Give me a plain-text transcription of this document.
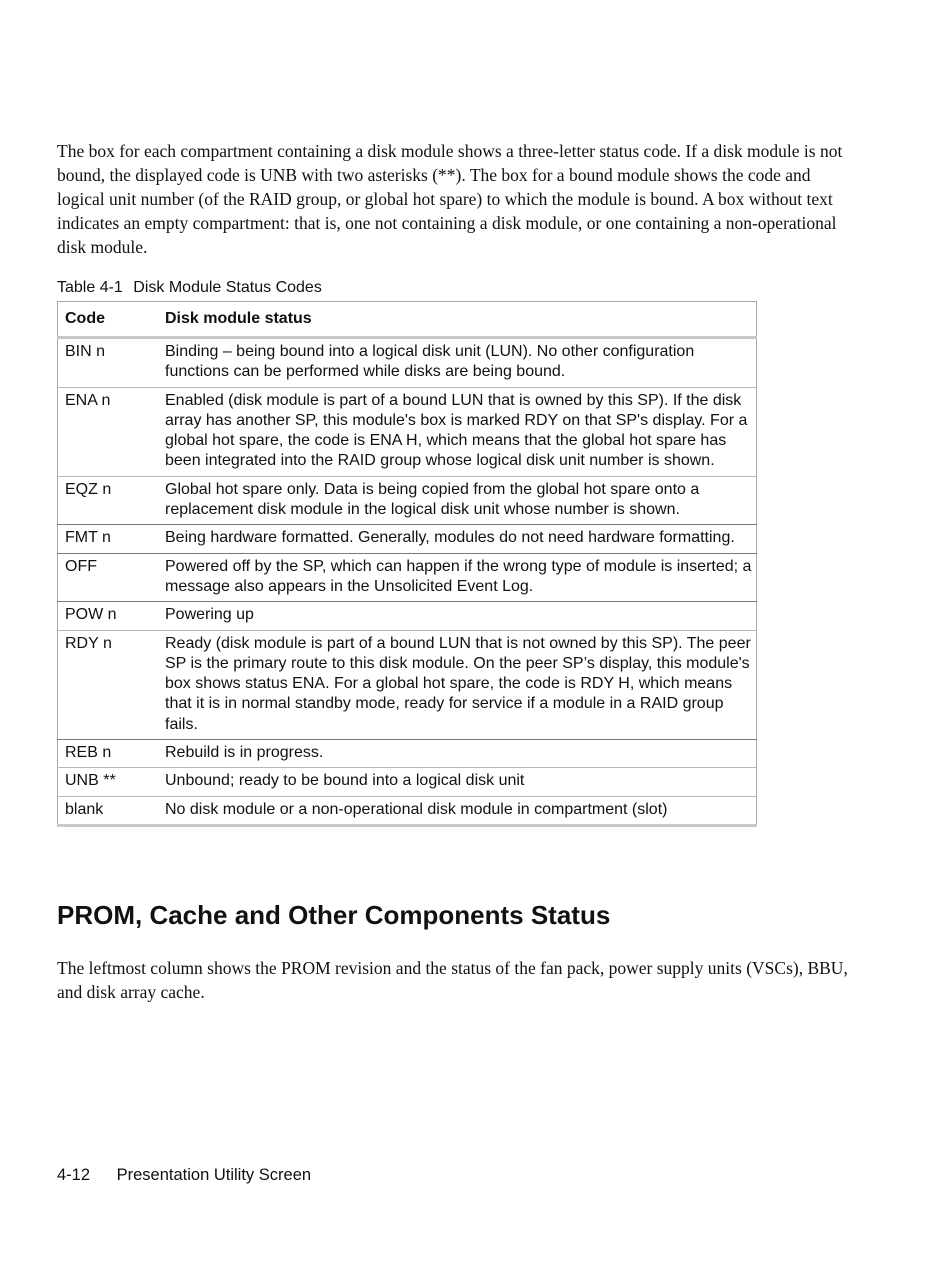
The box for each compartment containing a disk module shows a three-letter status code. If a disk module is not bound, the displayed code is UNB with two asterisks (**). The box for a bound module shows the code and logical unit number (of the RAID group, or global hot spare) to which the module is bound. A box without text indicates an empty compartment: that is, one not containing a disk module, or one containing a non-operational disk module.

Table 4-1 Disk Module Status Codes
Code	Disk module status
BIN n	Binding – being bound into a logical disk unit (LUN). No other configuration functions can be performed while disks are being bound.
ENA n	Enabled (disk module is part of a bound LUN that is owned by this SP). If the disk array has another SP, this module's box is marked RDY on that SP's display. For a global hot spare, the code is ENA H, which means that the global hot spare has been integrated into the RAID group whose logical disk unit number is shown.
EQZ n	Global hot spare only. Data is being copied from the global hot spare onto a replacement disk module in the logical disk unit whose number is shown.
FMT n	Being hardware formatted. Generally, modules do not need hardware formatting.
OFF	Powered off by the SP, which can happen if the wrong type of module is inserted; a message also appears in the Unsolicited Event Log.
POW n	Powering up
RDY n	Ready (disk module is part of a bound LUN that is not owned by this SP). The peer SP is the primary route to this disk module. On the peer SP’s display, this module's box shows status ENA. For a global hot spare, the code is RDY H, which means that it is in normal standby mode, ready for service if a module in a RAID group fails.
REB n	Rebuild is in progress.
UNB **	Unbound; ready to be bound into a logical disk unit
blank	No disk module or a non-operational disk module in compartment (slot)
PROM, Cache and Other Components Status

The leftmost column shows the PROM revision and the status of the fan pack, power supply units (VSCs), BBU, and disk array cache.

4-12 Presentation Utility Screen
